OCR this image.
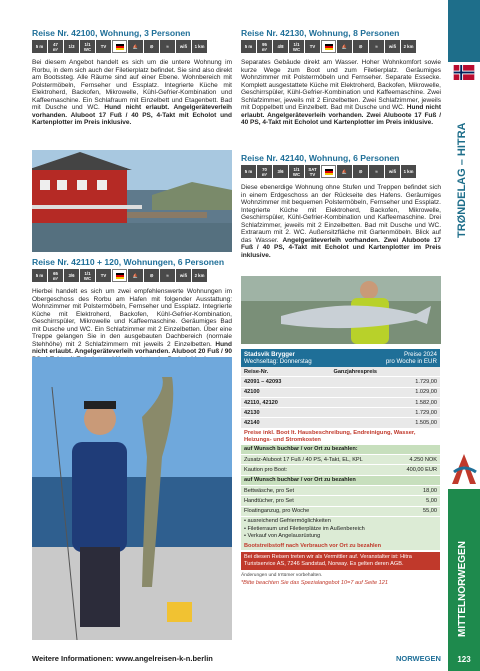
Reise Nr. 42100, Wohnung, 3 Personen
5 m	47
m²	1/3	1/1
WC	TV	⛵	⊘	≈	wifi	1 km
Bei diesem Angebot handelt es sich um die untere Wohnung im Rorbu, in dem sich auch der Filetierplatz befindet. Sie sind also direkt am Bootssteg. Alle Räume sind auf einer Ebene. Wohnbereich mit Polstermöbeln, Fernseher und Essplatz. Integrierte Küche mit Elektroherd, Backofen, Mikrowelle, Kühl-Gefrier-Kombination und Kaffeemaschine. Ein Schlafraum mit Einzelbett und Etagenbett. Bad mit Dusche und WC. Hund nicht erlaubt. Angelgeräteverleih vorhanden. Aluboot 17 Fuß / 40 PS, 4-Takt mit Echolot und Kartenplotter im Preis inklusive.
Reise Nr. 42110 + 120, Wohnungen, 6 Personen
5 m	65
m²	3/6	1/1
WC	TV	⛵	⊘	≈	wifi	2 km
Hierbei handelt es sich um zwei empfehlenswerte Wohnungen im Obergeschoss des Rorbu am Hafen mit folgender Ausstattung: Wohnzimmer mit Polstermöbeln, Fernseher und Essplatz. Integrierte Küche mit Elektroherd, Backofen, Kühl-Gefrier-Kombination, Geschirrspüler, Mikrowelle und Kaffeemaschine. Geräumiges Bad mit Dusche und WC. Ein Schlafzimmer mit 2 Einzelbetten. Über eine Treppe gelangen Sie in den ausgebauten Dachbereich (normale Stehhöhe) mit 2 Schlafzimmern mit jeweils 2 Einzelbetten. Hund nicht erlaubt. Angelgeräteverleih vorhanden. Aluboot 20 Fuß / 90
Reise Nr. 42130, Wohnung, 8 Personen
5 m	95
m²	4/8	1/1
WC	TV	⛵	⊘	≈	wifi	2 km
Separates Gebäude direkt am Wasser. Hoher Wohnkomfort sowie kurze Wege zum Boot und zum Filetierplatz. Geräumiges Wohnzimmer mit Polstermöbeln und Fernseher. Separate Essecke. Komplett ausgestattete Küche mit Elektroherd, Backofen, Mikrowelle, Geschirrspüler, Kühl-Gefrier-Kombination und Kaffeemaschine. Zwei Schlafzimmer, jeweils mit 2 Einzelbetten. Zwei Schlafzimmer, jeweils mit Doppelbett und Einzelbett. Bad mit Dusche und WC. Hund nicht erlaubt. Angelgeräteverleih vorhanden. Zwei Aluboote 17 Fuß / 40 PS, 4-Takt mit Echolot und Kartenplotter im Preis inklusive.
Reise Nr. 42140, Wohnung, 6 Personen
5 m	70
m²	3/6	1/1
WC
SAT
TV	⛵	⊘	≈	wifi	1 km
Diese ebenerdige Wohnung ohne Stufen und Treppen befindet sich in einem Erdgeschoss an der Rückseite des Hafens. Geräumiges Wohnzimmer mit bequemen Polstermöbeln, Fernseher und Essplatz. Integrierte Küche mit Elektroherd, Backofen, Mikrowelle, Geschirrspüler, Kühl-Gefrier-Kombination und Kaffeemaschine. Drei Schlafzimmer, jeweils mit 2 Einzelbetten. Bad mit Dusche und WC. Extraraum mit 2. WC. Außensitzfläche mit Gartenmöbeln. Blick auf das Wasser. Angelgeräteverleih vorhanden. Zwei Aluboote 17 Fuß / 40 PS, 4-Takt mit Echolot und Kartenplotter im Preis inklusive.
Stadsvik Brygger	Preise 2024
Wechseltag: Donnerstag	pro Woche in EUR
Reise-Nr.	Ganzjahrespreis
42091 – 42093	1.729,00
42100	1.029,00
42110, 42120	1.582,00
42130	1.729,00
42140	1.505,00
Preise inkl. Boot lt. Hausbeschreibung, Endreinigung, Wasser, Heizungs- und Stromkosten
auf Wunsch buchbar / vor Ort zu bezahlen:
Zusatz-Aluboot 17 Fuß / 40 PS, 4-Takt, EL, KPL	4.250 NOK
Kaution pro Boot:	400,00 EUR
auf Wunsch buchbar / vor Ort zu bezahlen
Bettwäsche, pro Set	18,00
Handtücher, pro Set	5,00
Floatinganzug, pro Woche	55,00
• ausreichend Gefriermöglichkeiten
• Filetierraum und Filetierplätze im Außenbereich
• Verkauf von Angelausrüstung
Bootstreibstoff nach Verbrauch vor Ort zu bezahlen
Bei diesen Reisen treten wir als Vermittler auf. Veranstalter ist: Hitra Turistservice AS, 7246 Sandstad, Norway. Es gelten deren AGB.
Änderungen und Irrtümer vorbehalten.
*Bitte beachten Sie das Spezialangebot 10=7 auf Seite 121
TRØNDELAG – HITRA
MITTELNORWEGEN
Weitere Informationen: www.angelreisen-k-n.berlin	NORWEGEN	123
